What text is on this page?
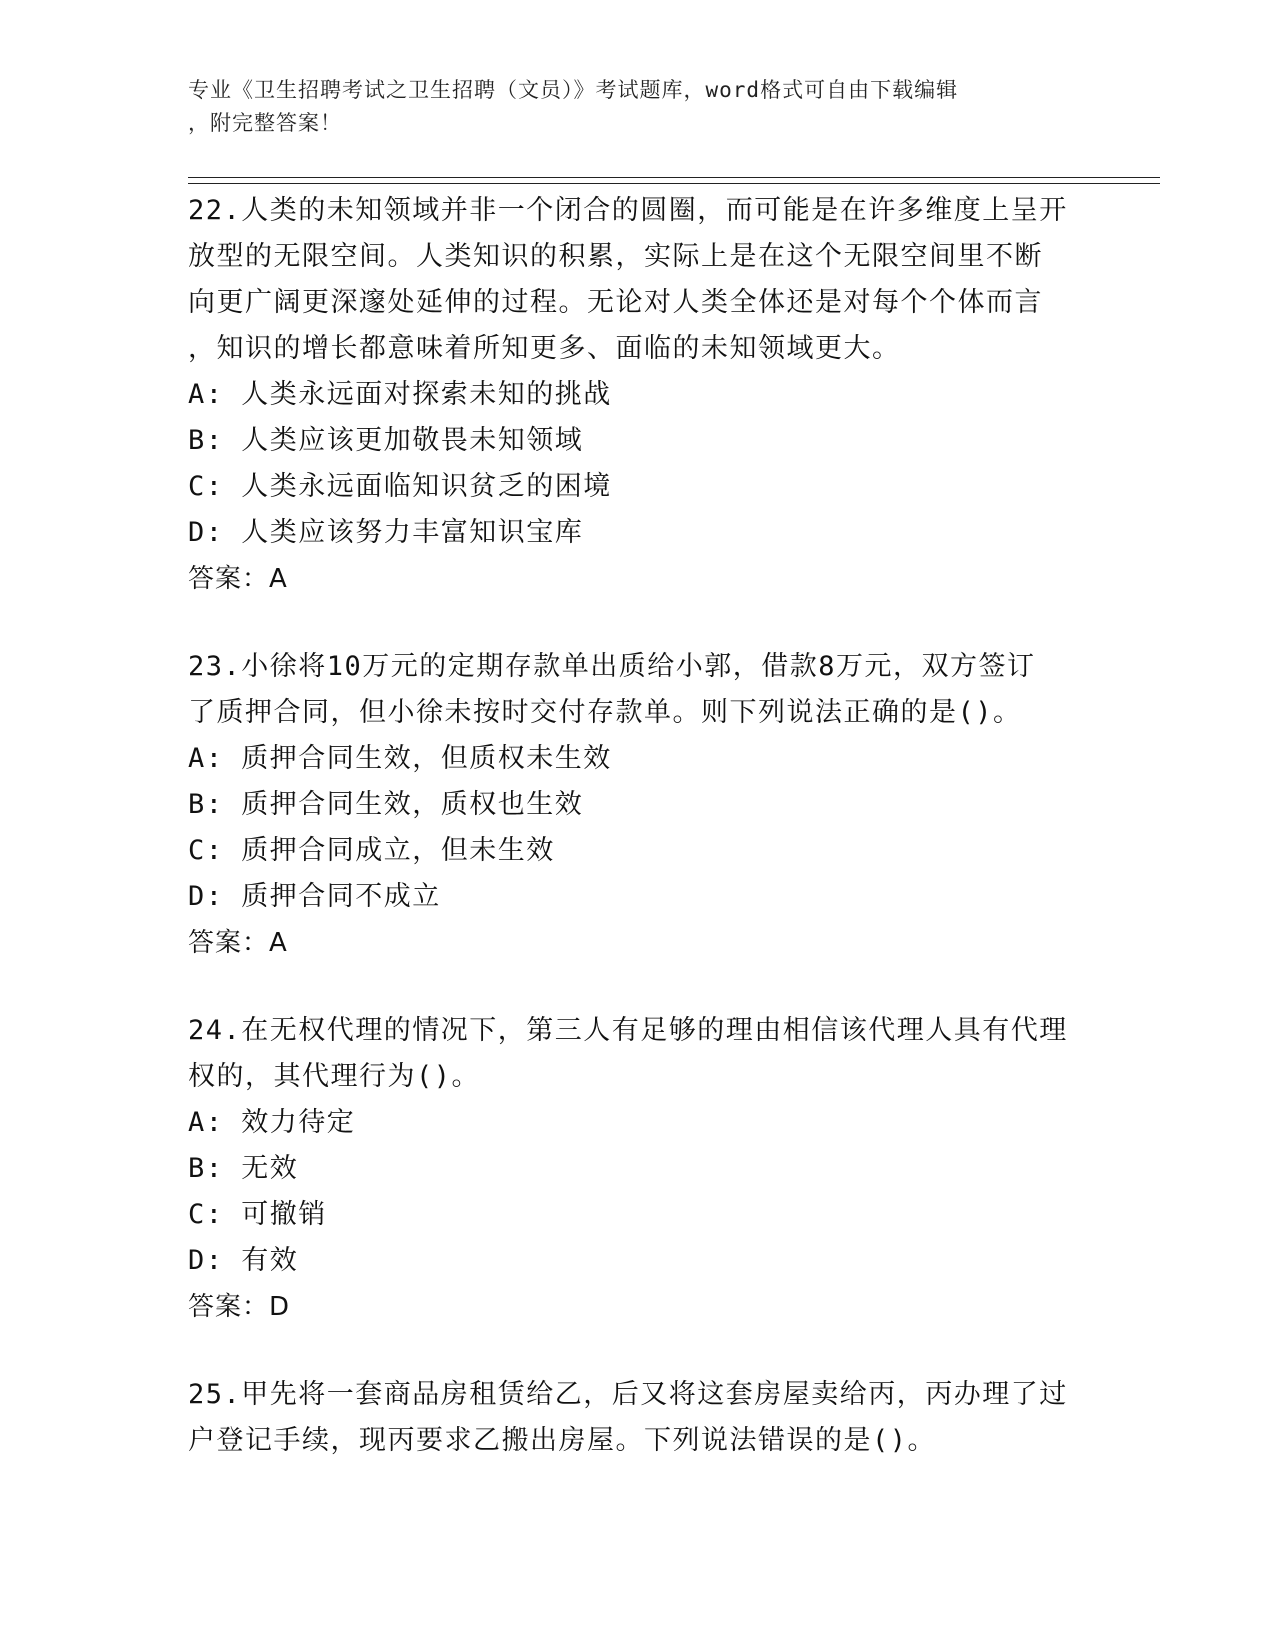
专业《卫生招聘考试之卫生招聘（文员）》考试题库，word格式可自由下载编辑
，附完整答案！

22.人类的未知领域并非一个闭合的圆圈，而可能是在许多维度上呈开

放型的无限空间。人类知识的积累，实际上是在这个无限空间里不断

向更广阔更深邃处延伸的过程。无论对人类全体还是对每个个体而言

，知识的增长都意味着所知更多、面临的未知领域更大。

A: 人类永远面对探索未知的挑战

B: 人类应该更加敬畏未知领域

C: 人类永远面临知识贫乏的困境

D: 人类应该努力丰富知识宝库

答案：A

23.小徐将10万元的定期存款单出质给小郭，借款8万元，双方签订

了质押合同，但小徐未按时交付存款单。则下列说法正确的是()。

A: 质押合同生效，但质权未生效

B: 质押合同生效，质权也生效

C: 质押合同成立，但未生效

D: 质押合同不成立

答案：A

24.在无权代理的情况下，第三人有足够的理由相信该代理人具有代理

权的，其代理行为()。

A: 效力待定

B: 无效

C: 可撤销

D: 有效

答案：D

25.甲先将一套商品房租赁给乙，后又将这套房屋卖给丙，丙办理了过

户登记手续，现丙要求乙搬出房屋。下列说法错误的是()。
